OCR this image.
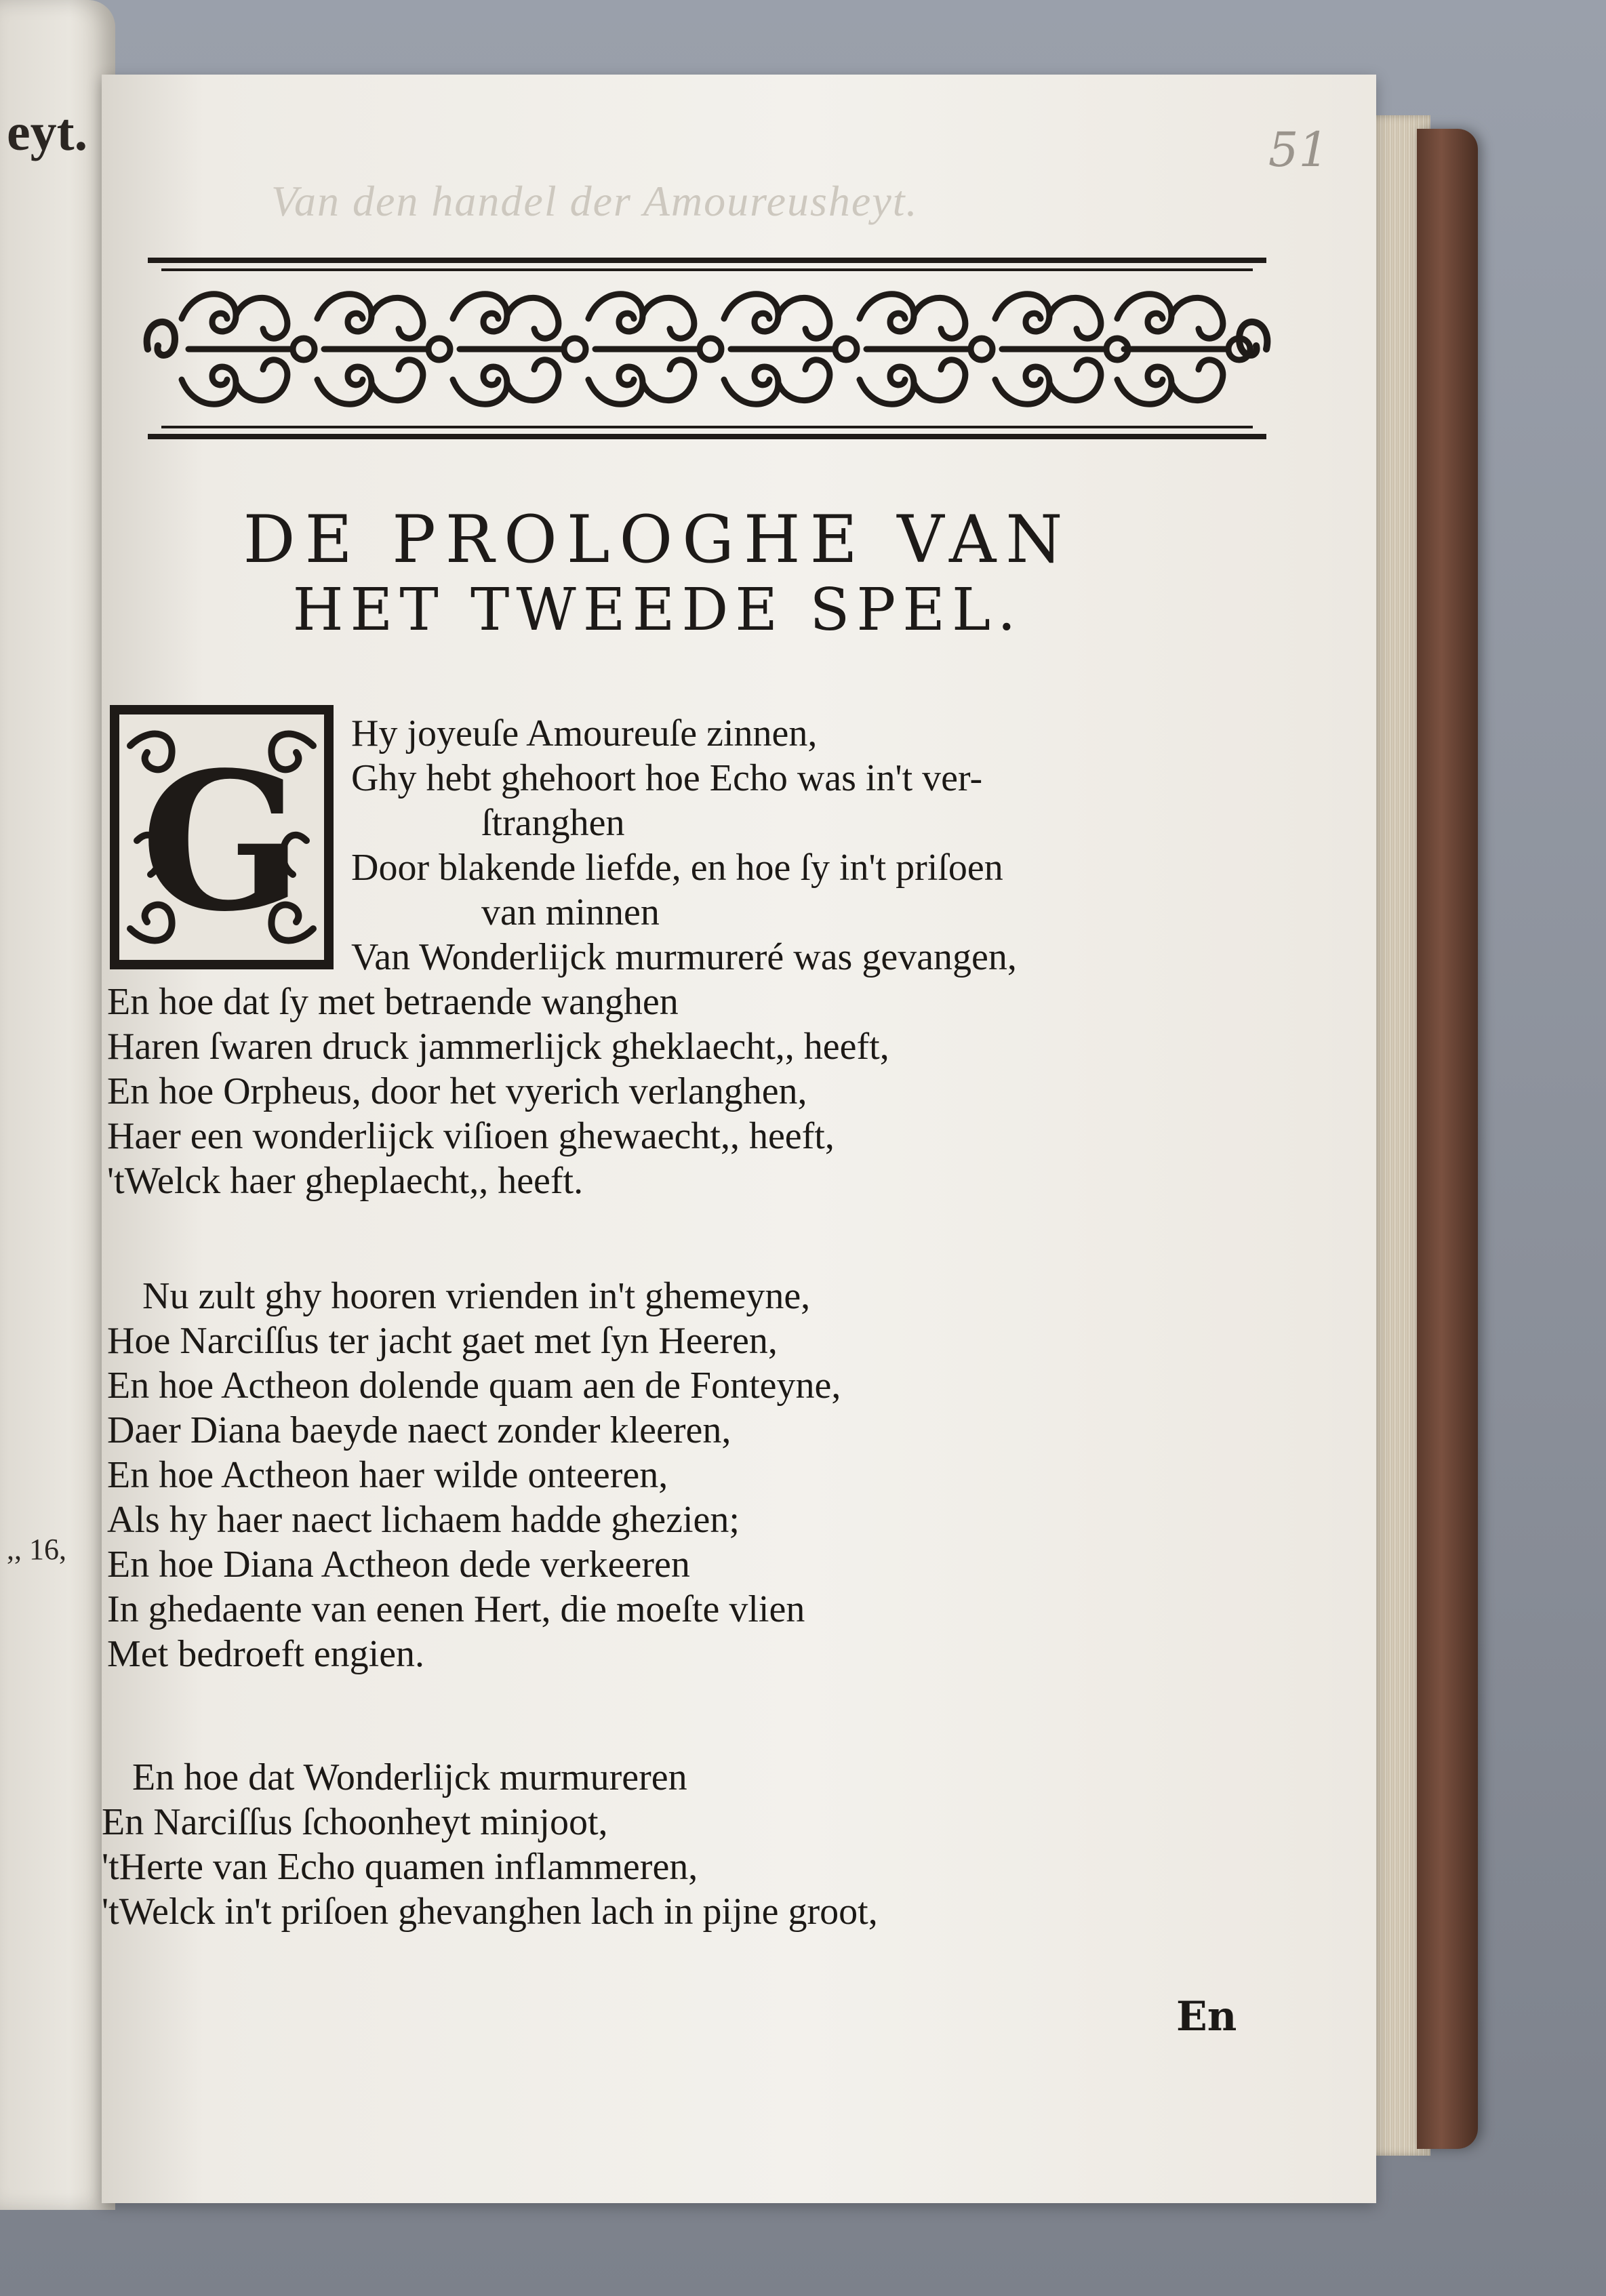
eyt.
,, 16,
51
Van den handel der Amoureusheyt.
DE PROLOGHE VAN
HET TWEEDE SPEL.
G Hy joyeuſe Amoureuſe zinnen,
Ghy hebt ghehoort hoe Echo was in't ver-
ſtranghen
Door blakende liefde, en hoe ſy in't priſoen
van minnen
Van Wonderlijck murmureré was gevangen,
En hoe dat ſy met betraende wanghen
Haren ſwaren druck jammerlijck gheklaecht,, heeft,
En hoe Orpheus, door het vyerich verlanghen,
Haer een wonderlijck viſioen ghewaecht,, heeft,
'tWelck haer gheplaecht,, heeft.
Nu zult ghy hooren vrienden in't ghemeyne,
Hoe Narciſſus ter jacht gaet met ſyn Heeren,
En hoe Actheon dolende quam aen de Fonteyne,
Daer Diana baeyde naect zonder kleeren,
En hoe Actheon haer wilde onteeren,
Als hy haer naect lichaem hadde ghezien;
En hoe Diana Actheon dede verkeeren
In ghedaente van eenen Hert, die moeſte vlien
Met bedroeft engien.
En hoe dat Wonderlijck murmureren
En Narciſſus ſchoonheyt minjoot,
'tHerte van Echo quamen inflammeren,
'tWelck in't priſoen ghevanghen lach in pijne groot,
En
